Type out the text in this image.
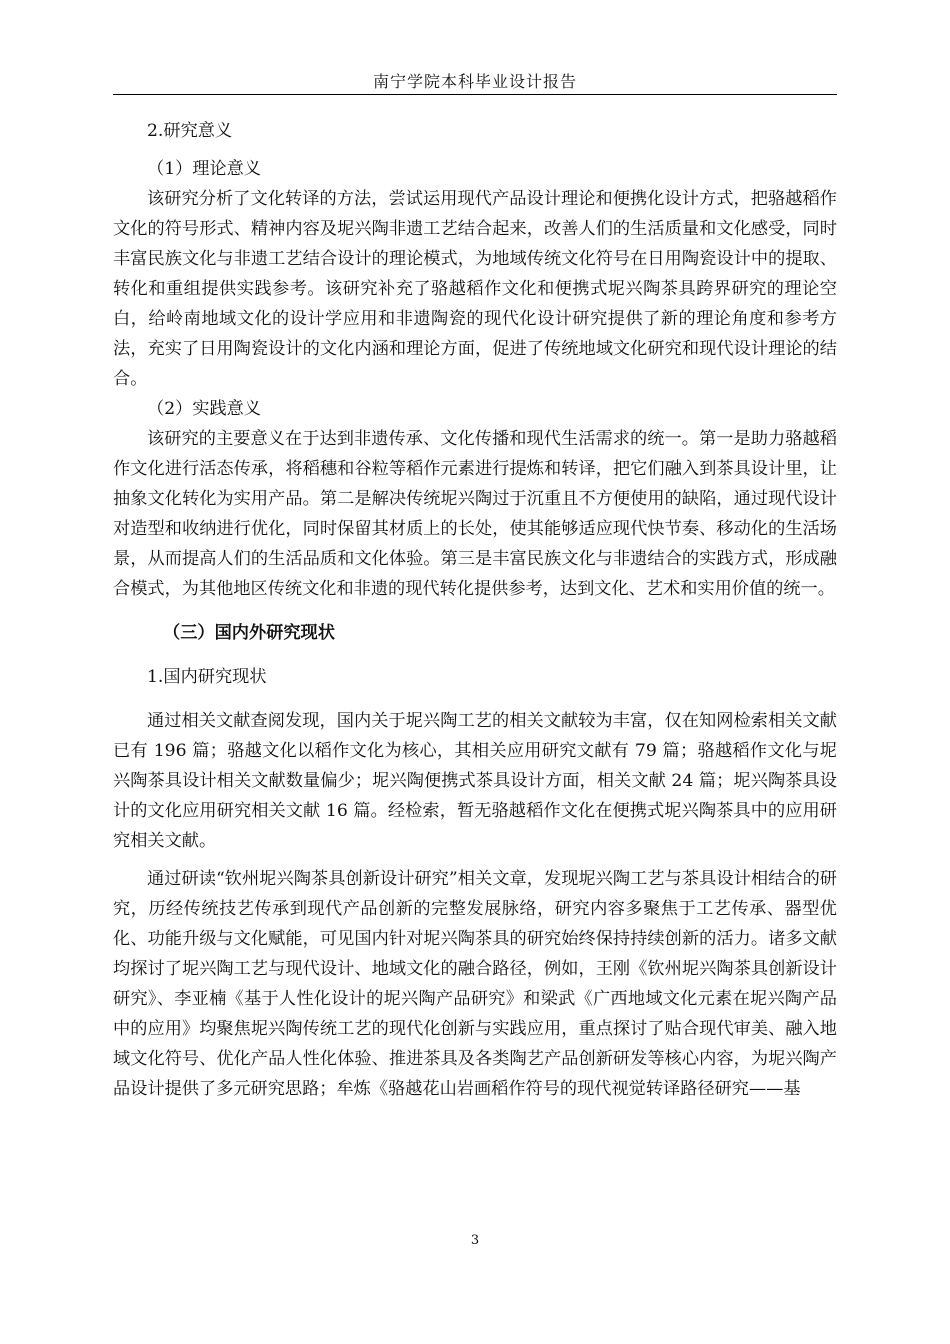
南宁学院本科毕业设计报告

2.研究意义

（1）理论意义

该研究分析了文化转译的方法，尝试运用现代产品设计理论和便携化设计方式，把骆越稻作文化的符号形式、精神内容及坭兴陶非遗工艺结合起来，改善人们的生活质量和文化感受，同时丰富民族文化与非遗工艺结合设计的理论模式，为地域传统文化符号在日用陶瓷设计中的提取、转化和重组提供实践参考。该研究补充了骆越稻作文化和便携式坭兴陶茶具跨界研究的理论空白，给岭南地域文化的设计学应用和非遗陶瓷的现代化设计研究提供了新的理论角度和参考方法，充实了日用陶瓷设计的文化内涵和理论方面，促进了传统地域文化研究和现代设计理论的结合。

（2）实践意义

该研究的主要意义在于达到非遗传承、文化传播和现代生活需求的统一。第一是助力骆越稻作文化进行活态传承，将稻穗和谷粒等稻作元素进行提炼和转译，把它们融入到茶具设计里，让抽象文化转化为实用产品。第二是解决传统坭兴陶过于沉重且不方便使用的缺陷，通过现代设计对造型和收纳进行优化，同时保留其材质上的长处，使其能够适应现代快节奏、移动化的生活场景，从而提高人们的生活品质和文化体验。第三是丰富民族文化与非遗结合的实践方式，形成融合模式，为其他地区传统文化和非遗的现代转化提供参考，达到文化、艺术和实用价值的统一。

（三）国内外研究现状

1.国内研究现状

通过相关文献查阅发现，国内关于坭兴陶工艺的相关文献较为丰富，仅在知网检索相关文献已有 196 篇；骆越文化以稻作文化为核心，其相关应用研究文献有 79 篇；骆越稻作文化与坭兴陶茶具设计相关文献数量偏少；坭兴陶便携式茶具设计方面，相关文献 24 篇；坭兴陶茶具设计的文化应用研究相关文献 16 篇。经检索，暂无骆越稻作文化在便携式坭兴陶茶具中的应用研究相关文献。

通过研读“钦州坭兴陶茶具创新设计研究”相关文章，发现坭兴陶工艺与茶具设计相结合的研究，历经传统技艺传承到现代产品创新的完整发展脉络，研究内容多聚焦于工艺传承、器型优化、功能升级与文化赋能，可见国内针对坭兴陶茶具的研究始终保持持续创新的活力。诸多文献均探讨了坭兴陶工艺与现代设计、地域文化的融合路径，例如，王刚《钦州坭兴陶茶具创新设计研究》、李亚楠《基于人性化设计的坭兴陶产品研究》和梁武《广西地域文化元素在坭兴陶产品中的应用》均聚焦坭兴陶传统工艺的现代化创新与实践应用，重点探讨了贴合现代审美、融入地域文化符号、优化产品人性化体验、推进茶具及各类陶艺产品创新研发等核心内容，为坭兴陶产品设计提供了多元研究思路；牟炼《骆越花山岩画稻作符号的现代视觉转译路径研究——基

3
